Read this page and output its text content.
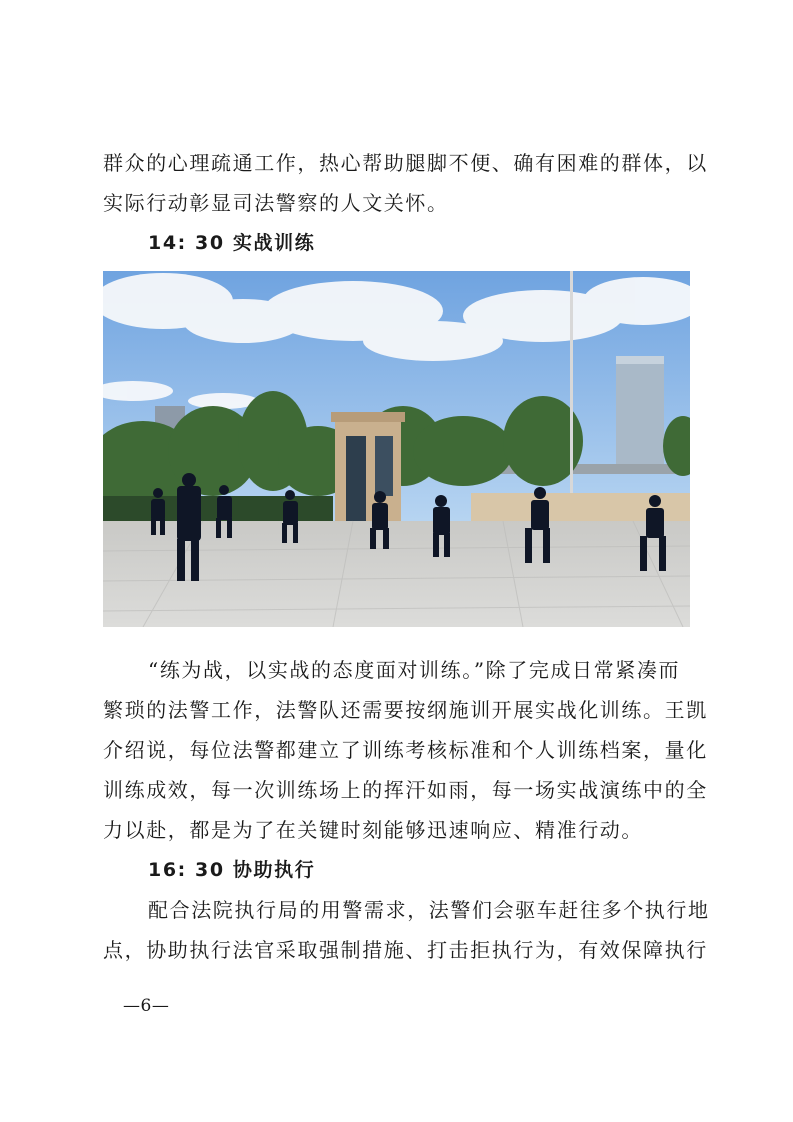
群众的心理疏通工作，热心帮助腿脚不便、确有困难的群体，以
实际行动彰显司法警察的人文关怀。
14: 30 实战训练
“练为战，以实战的态度面对训练。”除了完成日常紧凑而
繁琐的法警工作，法警队还需要按纲施训开展实战化训练。王凯
介绍说，每位法警都建立了训练考核标准和个人训练档案，量化
训练成效，每一次训练场上的挥汗如雨，每一场实战演练中的全
力以赴，都是为了在关键时刻能够迅速响应、精准行动。
16: 30 协助执行
配合法院执行局的用警需求，法警们会驱车赶往多个执行地
点，协助执行法官采取强制措施、打击拒执行为，有效保障执行
—6—
